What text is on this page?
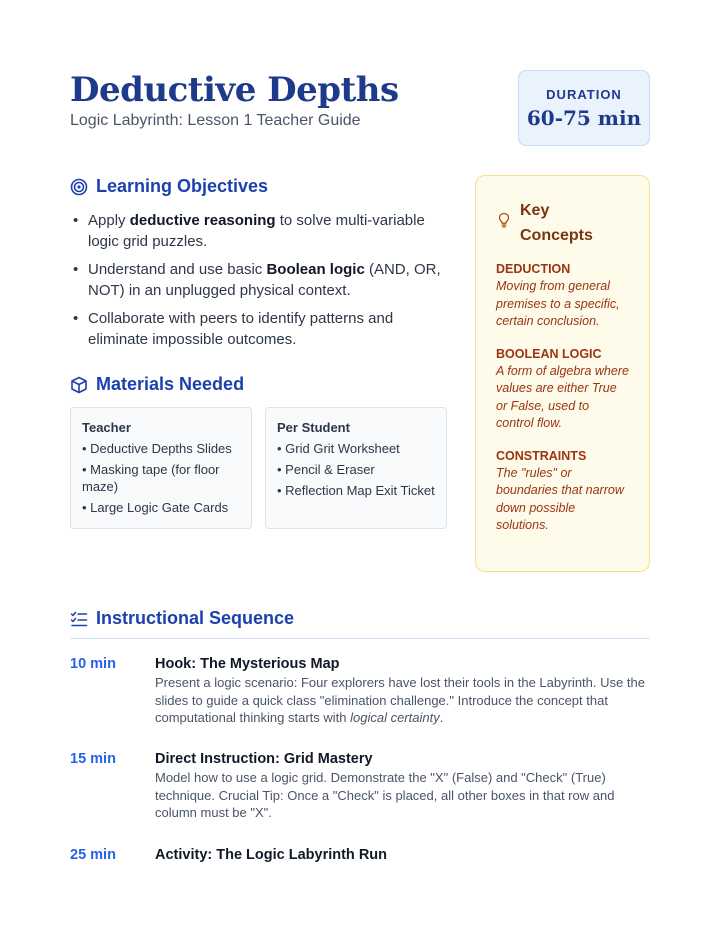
Deductive Depths
Logic Labyrinth: Lesson 1 Teacher Guide
DURATION
60-75 min
Learning Objectives
• Apply deductive reasoning to solve multi-variable logic grid puzzles.
• Understand and use basic Boolean logic (AND, OR, NOT) in an unplugged physical context.
• Collaborate with peers to identify patterns and eliminate impossible outcomes.
Materials Needed
Teacher
• Deductive Depths Slides
• Masking tape (for floor maze)
• Large Logic Gate Cards
Per Student
• Grid Grit Worksheet
• Pencil & Eraser
• Reflection Map Exit Ticket
Key
Concepts
DEDUCTION
Moving from general premises to a specific, certain conclusion.
BOOLEAN LOGIC
A form of algebra where values are either True or False, used to control flow.
CONSTRAINTS
The "rules" or boundaries that narrow down possible solutions.
Instructional Sequence
10 min	Hook: The Mysterious Map
Present a logic scenario: Four explorers have lost their tools in the Labyrinth. Use the slides to guide a quick class "elimination challenge." Introduce the concept that computational thinking starts with logical certainty.
15 min	Direct Instruction: Grid Mastery
Model how to use a logic grid. Demonstrate the "X" (False) and "Check" (True) technique. Crucial Tip: Once a "Check" is placed, all other boxes in that row and column must be "X".
25 min	Activity: The Logic Labyrinth Run
